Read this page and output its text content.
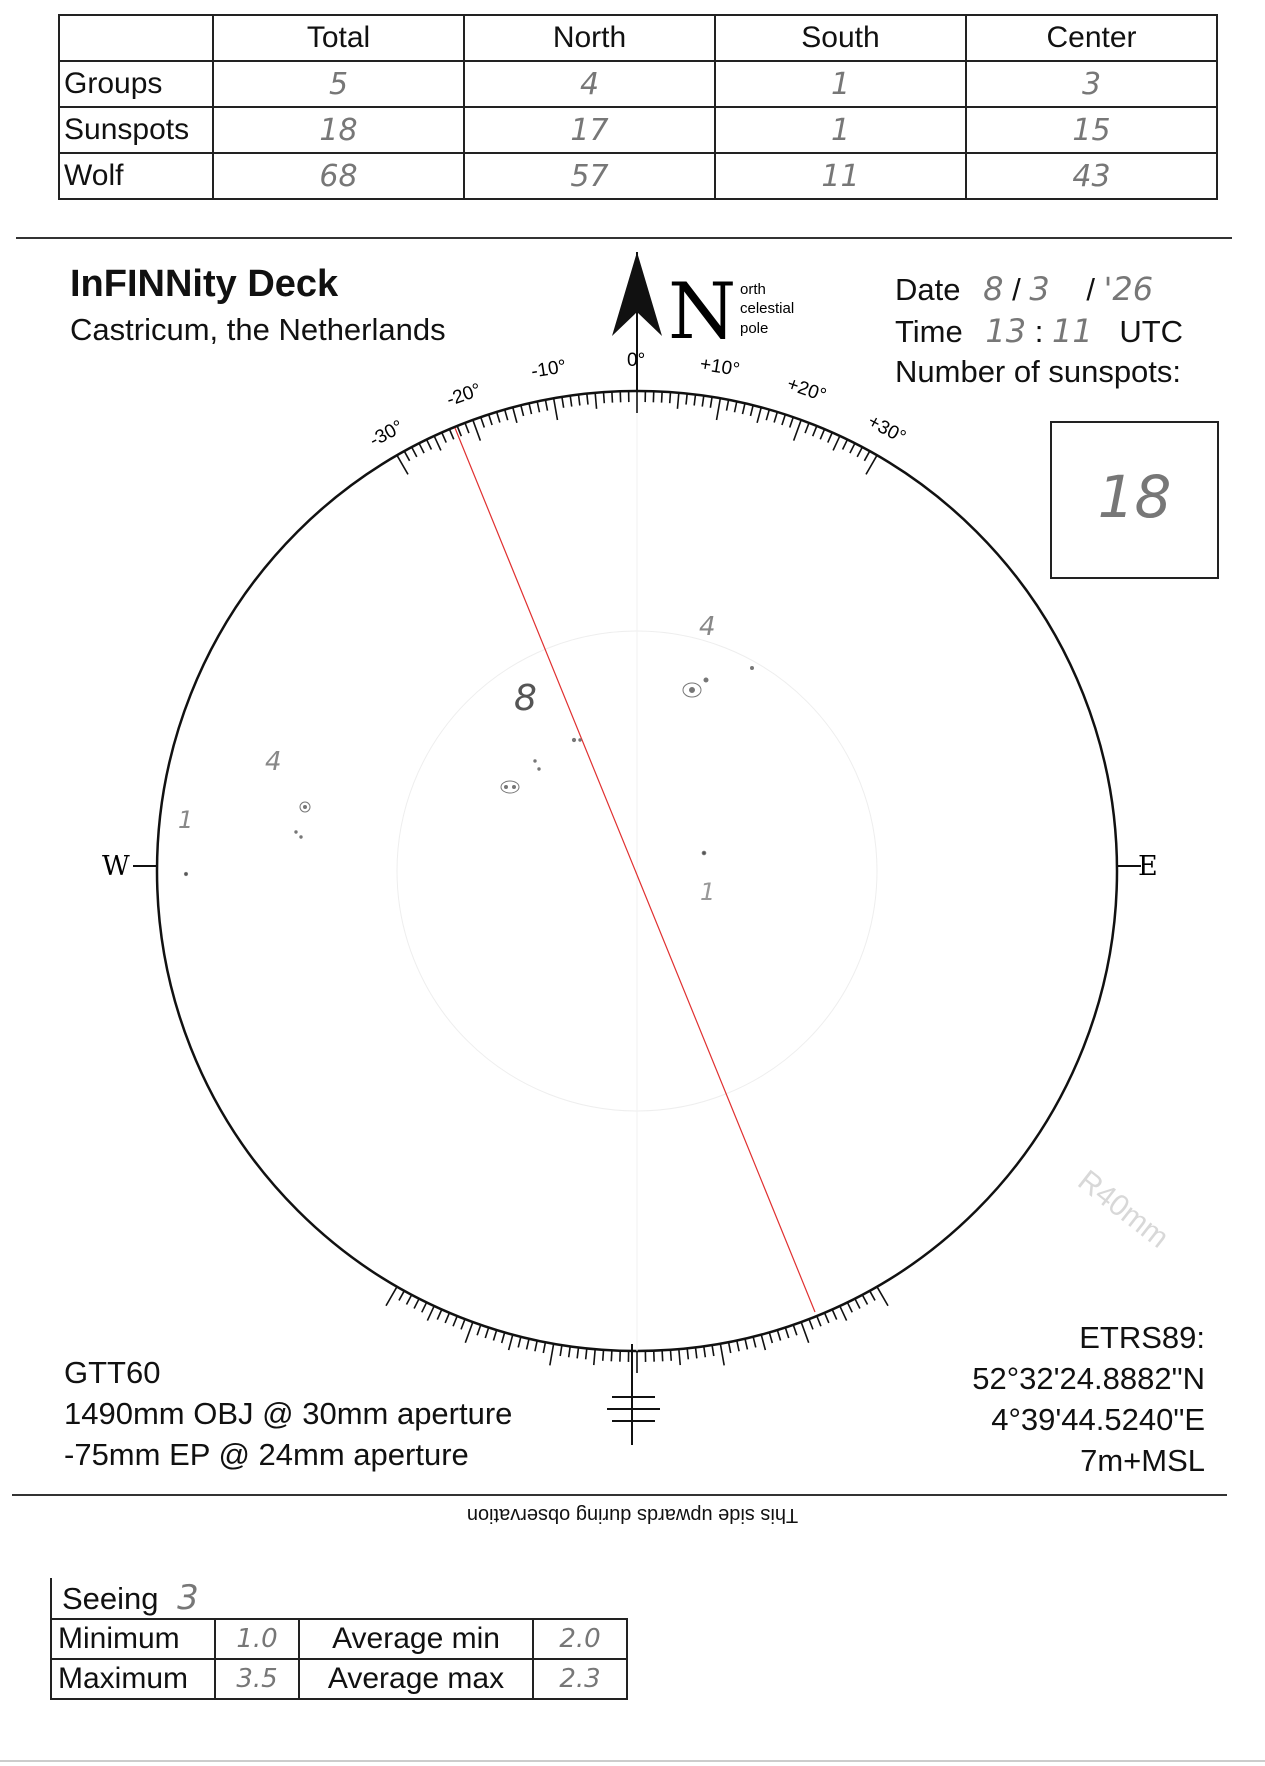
	Total	North	South	Center
Groups	5	4	1	3
Sunspots	18	17	1	15
Wolf	68	57	11	43
InFINNity Deck
Castricum, the Netherlands
Date 8 / 3 / '26
Time 13 : 11 UTC
Number of sunspots:
18
N orth
celestial
pole
-30°
-20°
-10°	0°	+10°
+20°
+30°
W	E
4
8
4
1
1
R40mm
GTT60
1490mm OBJ @ 30mm aperture
-75mm EP @ 24mm aperture
ETRS89:
52°32'24.8882"N
4°39'44.5240"E
7m+MSL
This side upwards during observation
Seeing 3
Minimum	1.0	Average min	2.0
Maximum	3.5	Average max	2.3
